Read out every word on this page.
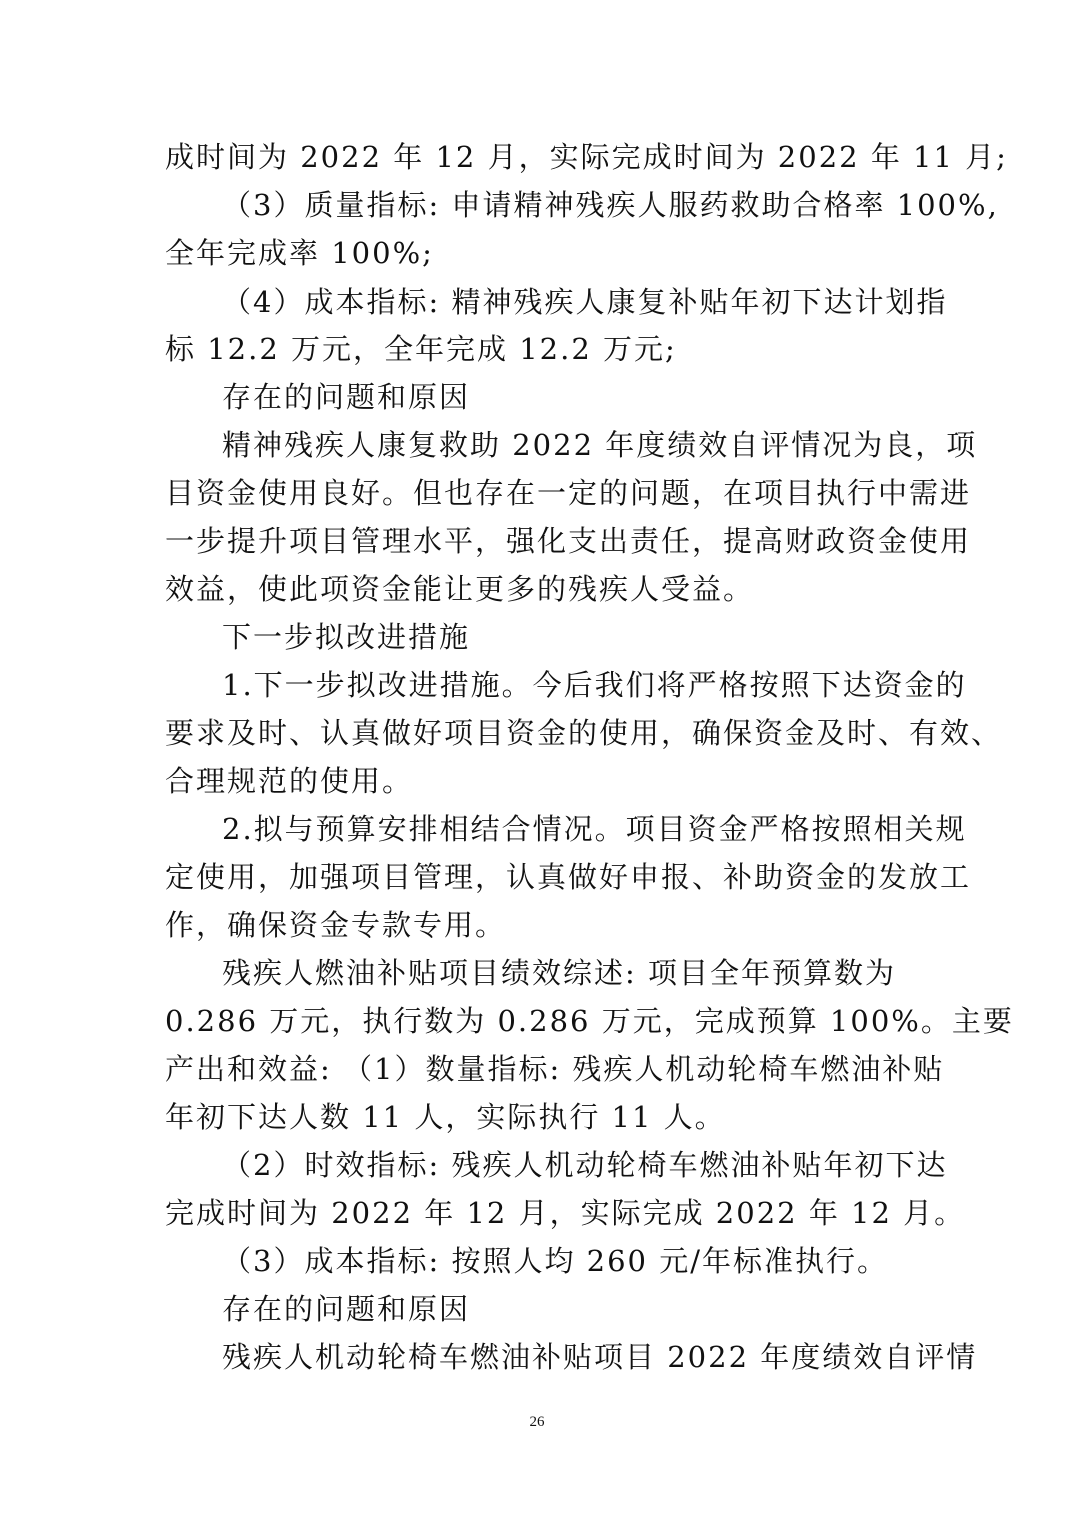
成时间为 2022 年 12 月，实际完成时间为 2022 年 11 月;
（3）质量指标: 申请精神残疾人服药救助合格率 100%,
全年完成率 100%;
（4）成本指标: 精神残疾人康复补贴年初下达计划指
标 12.2 万元，全年完成 12.2 万元;
存在的问题和原因
精神残疾人康复救助 2022 年度绩效自评情况为良，项
目资金使用良好。但也存在一定的问题，在项目执行中需进
一步提升项目管理水平，强化支出责任，提高财政资金使用
效益，使此项资金能让更多的残疾人受益。
下一步拟改进措施
1.下一步拟改进措施。今后我们将严格按照下达资金的
要求及时、认真做好项目资金的使用，确保资金及时、有效、
合理规范的使用。
2.拟与预算安排相结合情况。项目资金严格按照相关规
定使用，加强项目管理，认真做好申报、补助资金的发放工
作，确保资金专款专用。
残疾人燃油补贴项目绩效综述: 项目全年预算数为
0.286 万元，执行数为 0.286 万元，完成预算 100%。主要
产出和效益: （1）数量指标: 残疾人机动轮椅车燃油补贴
年初下达人数 11 人，实际执行 11 人。
（2）时效指标: 残疾人机动轮椅车燃油补贴年初下达
完成时间为 2022 年 12 月，实际完成 2022 年 12 月。
（3）成本指标: 按照人均 260 元/年标准执行。
存在的问题和原因
残疾人机动轮椅车燃油补贴项目 2022 年度绩效自评情
26
